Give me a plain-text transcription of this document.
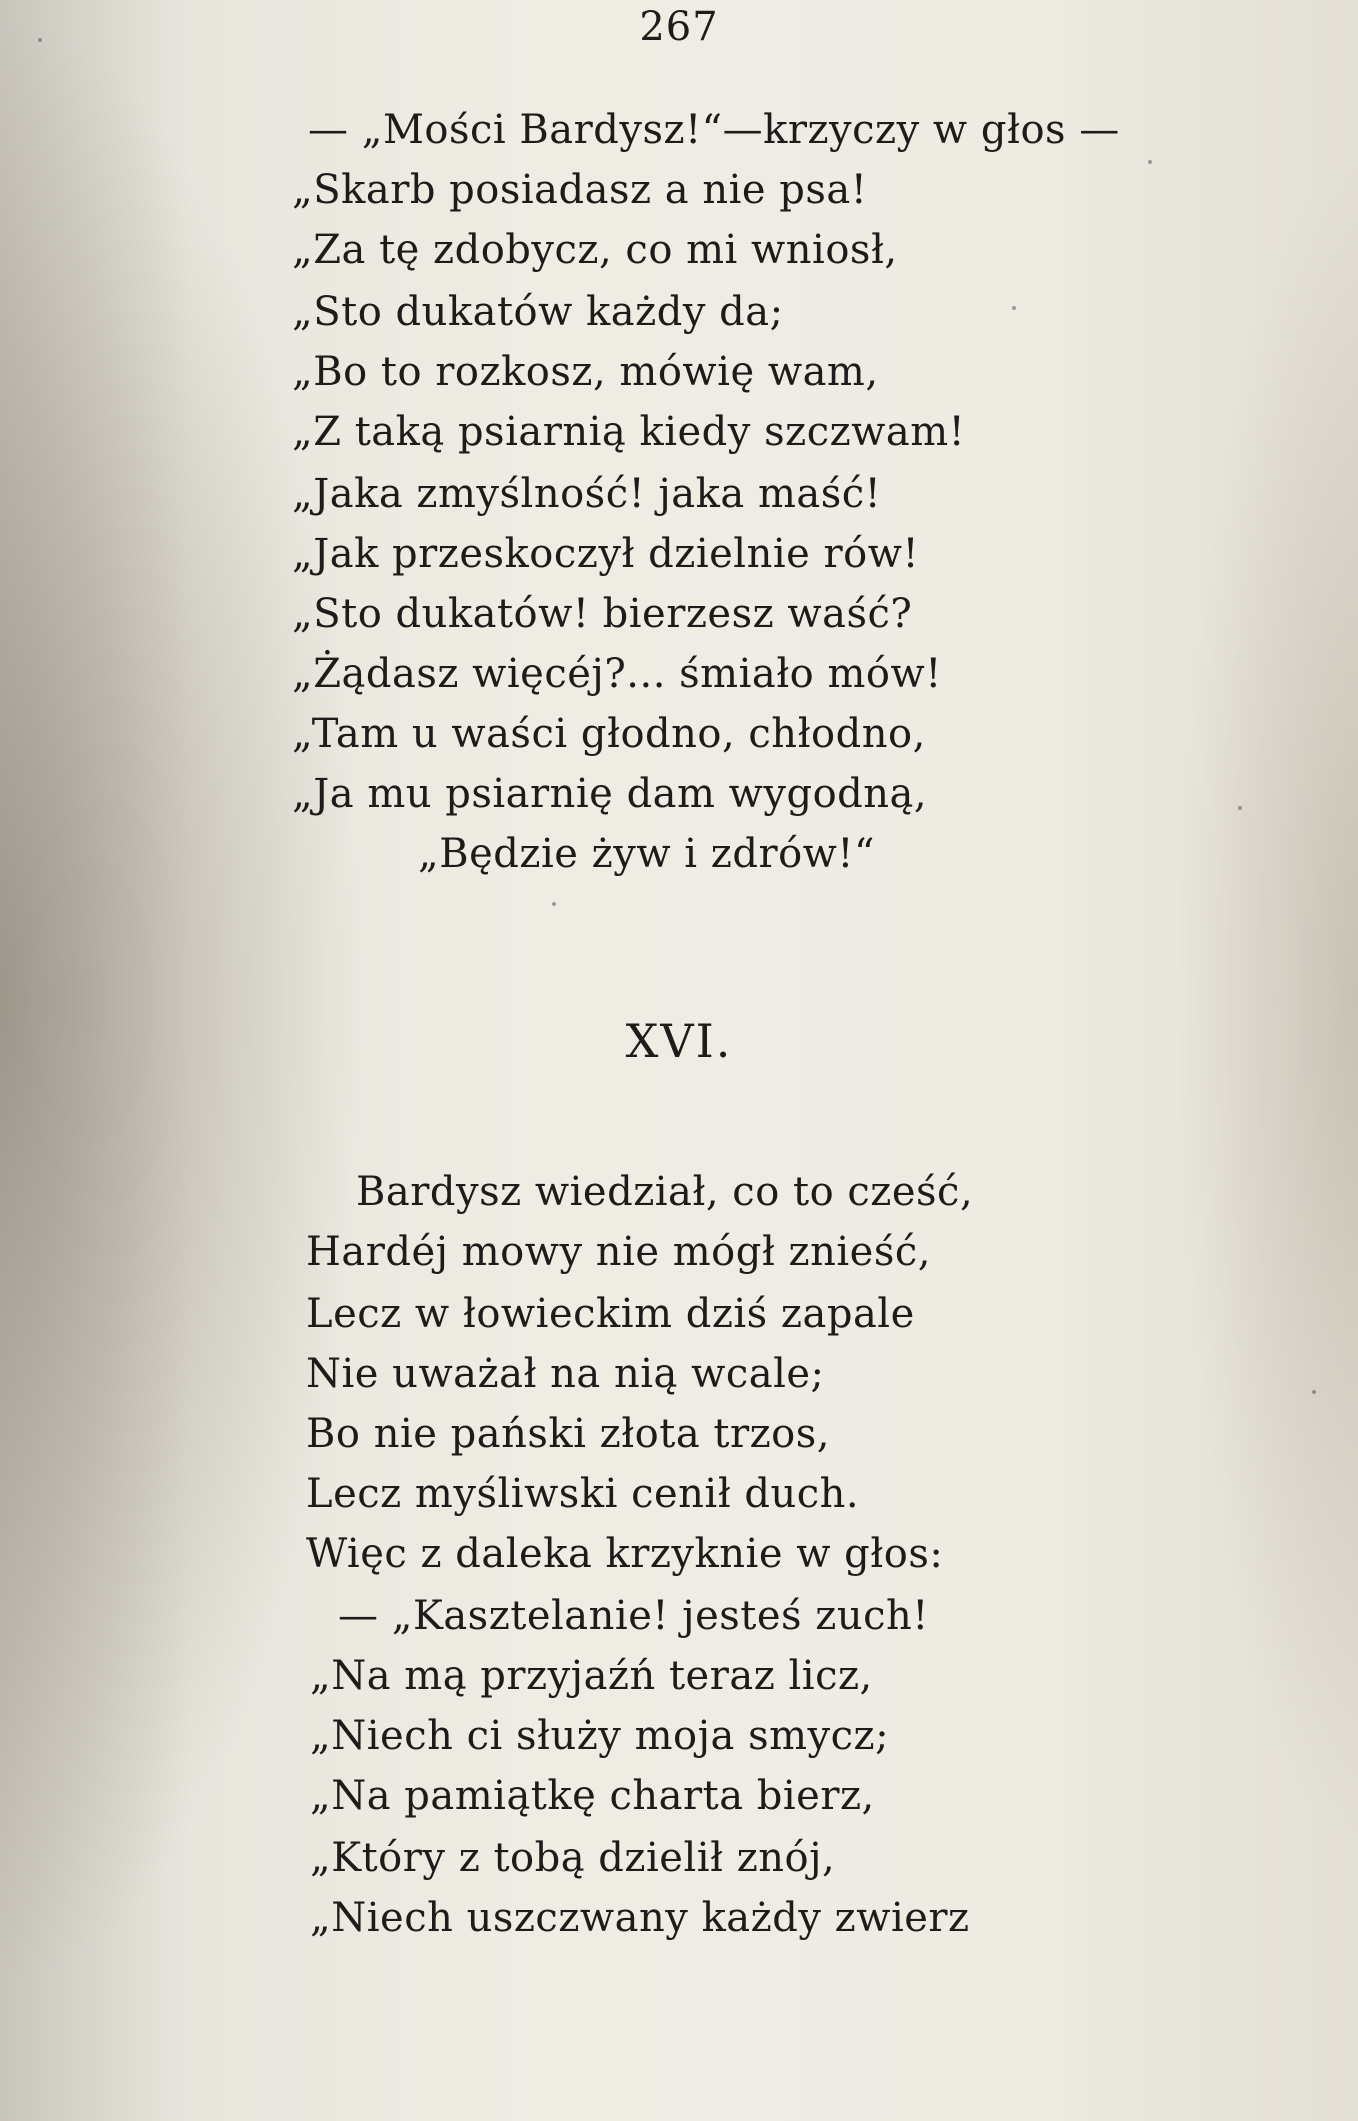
267
— „Mości Bardysz!“—krzyczy w głos —
„Skarb posiadasz a nie psa!
„Za tę zdobycz, co mi wniosł,
„Sto dukatów każdy da;
„Bo to rozkosz, mówię wam,
„Z taką psiarnią kiedy szczwam!
„Jaka zmyślność! jaka maść!
„Jak przeskoczył dzielnie rów!
„Sto dukatów! bierzesz waść?
„Żądasz więcéj?... śmiało mów!
„Tam u waści głodno, chłodno,
„Ja mu psiarnię dam wygodną,
„Będzie żyw i zdrów!“
XVI.
Bardysz wiedział, co to cześć,
Hardéj mowy nie mógł znieść,
Lecz w łowieckim dziś zapale
Nie uważał na nią wcale;
Bo nie pański złota trzos,
Lecz myśliwski cenił duch.
Więc z daleka krzyknie w głos:
— „Kasztelanie! jesteś zuch!
„Na mą przyjaźń teraz licz,
„Niech ci służy moja smycz;
„Na pamiątkę charta bierz,
„Który z tobą dzielił znój,
„Niech uszczwany każdy zwierz
